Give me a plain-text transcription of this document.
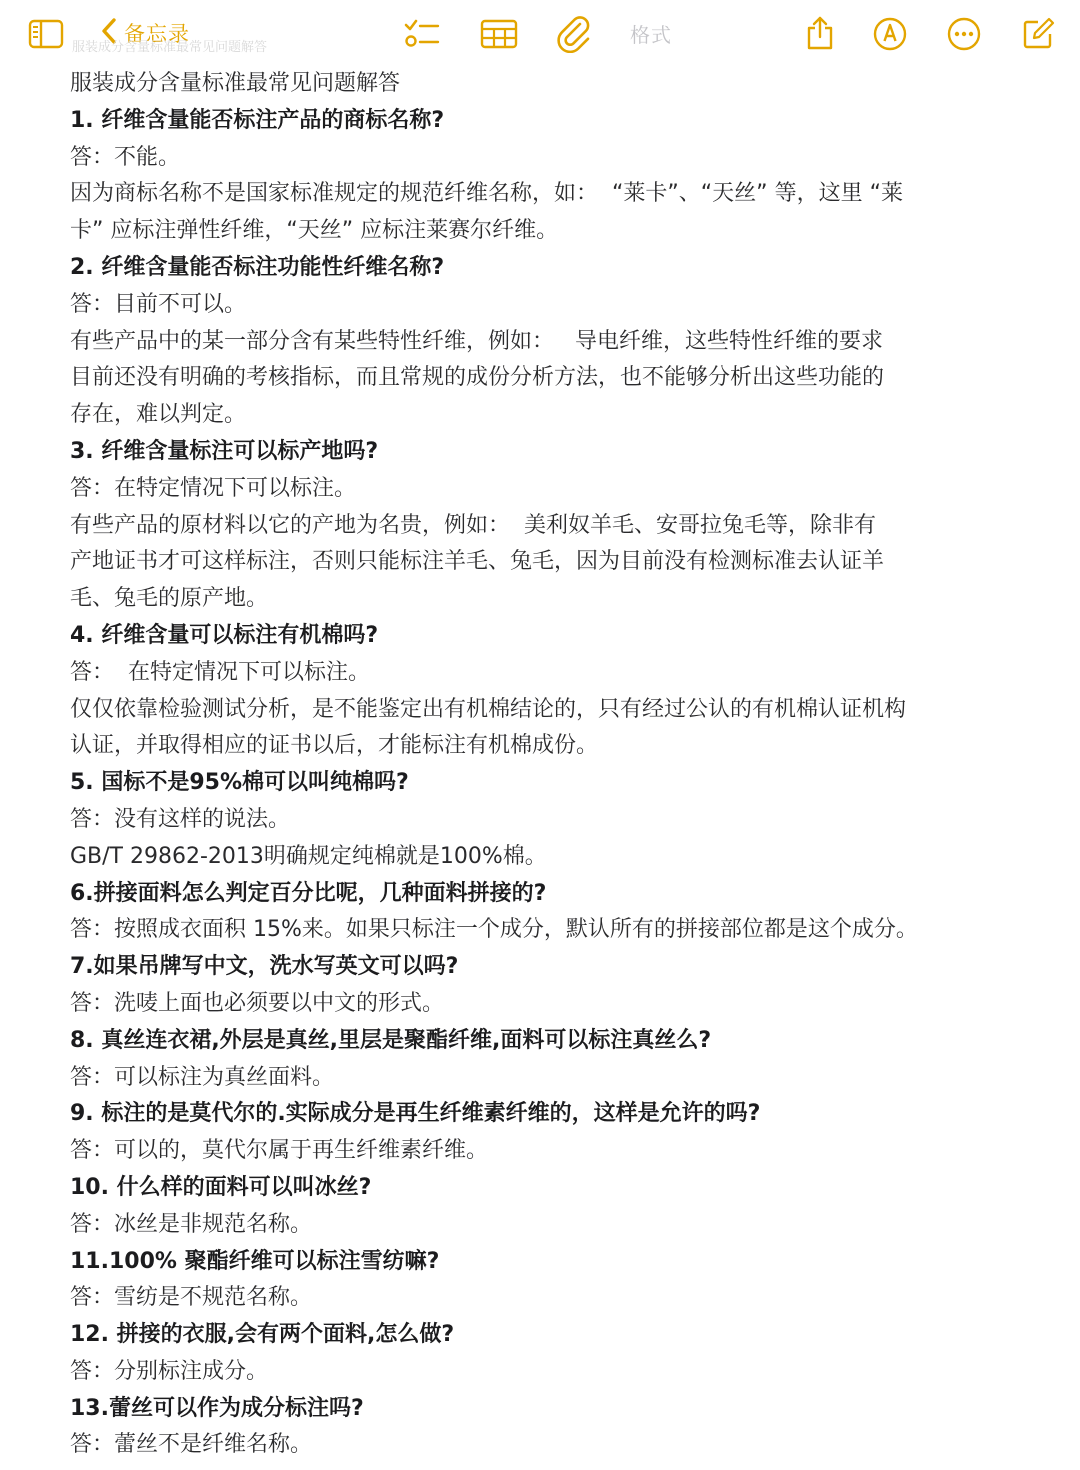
备忘录	格式
服装成分含量标准最常见问题解答
服装成分含量标准最常见问题解答
1. 纤维含量能否标注产品的商标名称?
答：不能。
因为商标名称不是国家标准规定的规范纤维名称，如：  “莱卡”、“天丝” 等，这里 “莱
卡” 应标注弹性纤维，“天丝” 应标注莱赛尔纤维。
2. 纤维含量能否标注功能性纤维名称?
答：目前不可以。
有些产品中的某一部分含有某些特性纤维，例如：   导电纤维，这些特性纤维的要求
目前还没有明确的考核指标，而且常规的成份分析方法，也不能够分析出这些功能的
存在，难以判定。
3. 纤维含量标注可以标产地吗?
答：在特定情况下可以标注。
有些产品的原材料以它的产地为名贵，例如：  美利奴羊毛、安哥拉兔毛等，除非有
产地证书才可这样标注，否则只能标注羊毛、兔毛，因为目前没有检测标准去认证羊
毛、兔毛的原产地。
4. 纤维含量可以标注有机棉吗?
答：  在特定情况下可以标注。
仅仅依靠检验测试分析，是不能鉴定出有机棉结论的，只有经过公认的有机棉认证机构
认证，并取得相应的证书以后，才能标注有机棉成份。
5. 国标不是95%棉可以叫纯棉吗?
答：没有这样的说法。
GB/T 29862-2013明确规定纯棉就是100%棉。
6.拼接面料怎么判定百分比呢，几种面料拼接的?
答：按照成衣面积 15%来。如果只标注一个成分，默认所有的拼接部位都是这个成分。
7.如果吊牌写中文，洗水写英文可以吗?
答：洗唛上面也必须要以中文的形式。
8. 真丝连衣裙,外层是真丝,里层是聚酯纤维,面料可以标注真丝么?
答：可以标注为真丝面料。
9. 标注的是莫代尔的.实际成分是再生纤维素纤维的，这样是允许的吗?
答：可以的，莫代尔属于再生纤维素纤维。
10. 什么样的面料可以叫冰丝?
答：冰丝是非规范名称。
11.100% 聚酯纤维可以标注雪纺嘛?
答：雪纺是不规范名称。
12. 拼接的衣服,会有两个面料,怎么做?
答：分别标注成分。
13.蕾丝可以作为成分标注吗?
答：蕾丝不是纤维名称。
